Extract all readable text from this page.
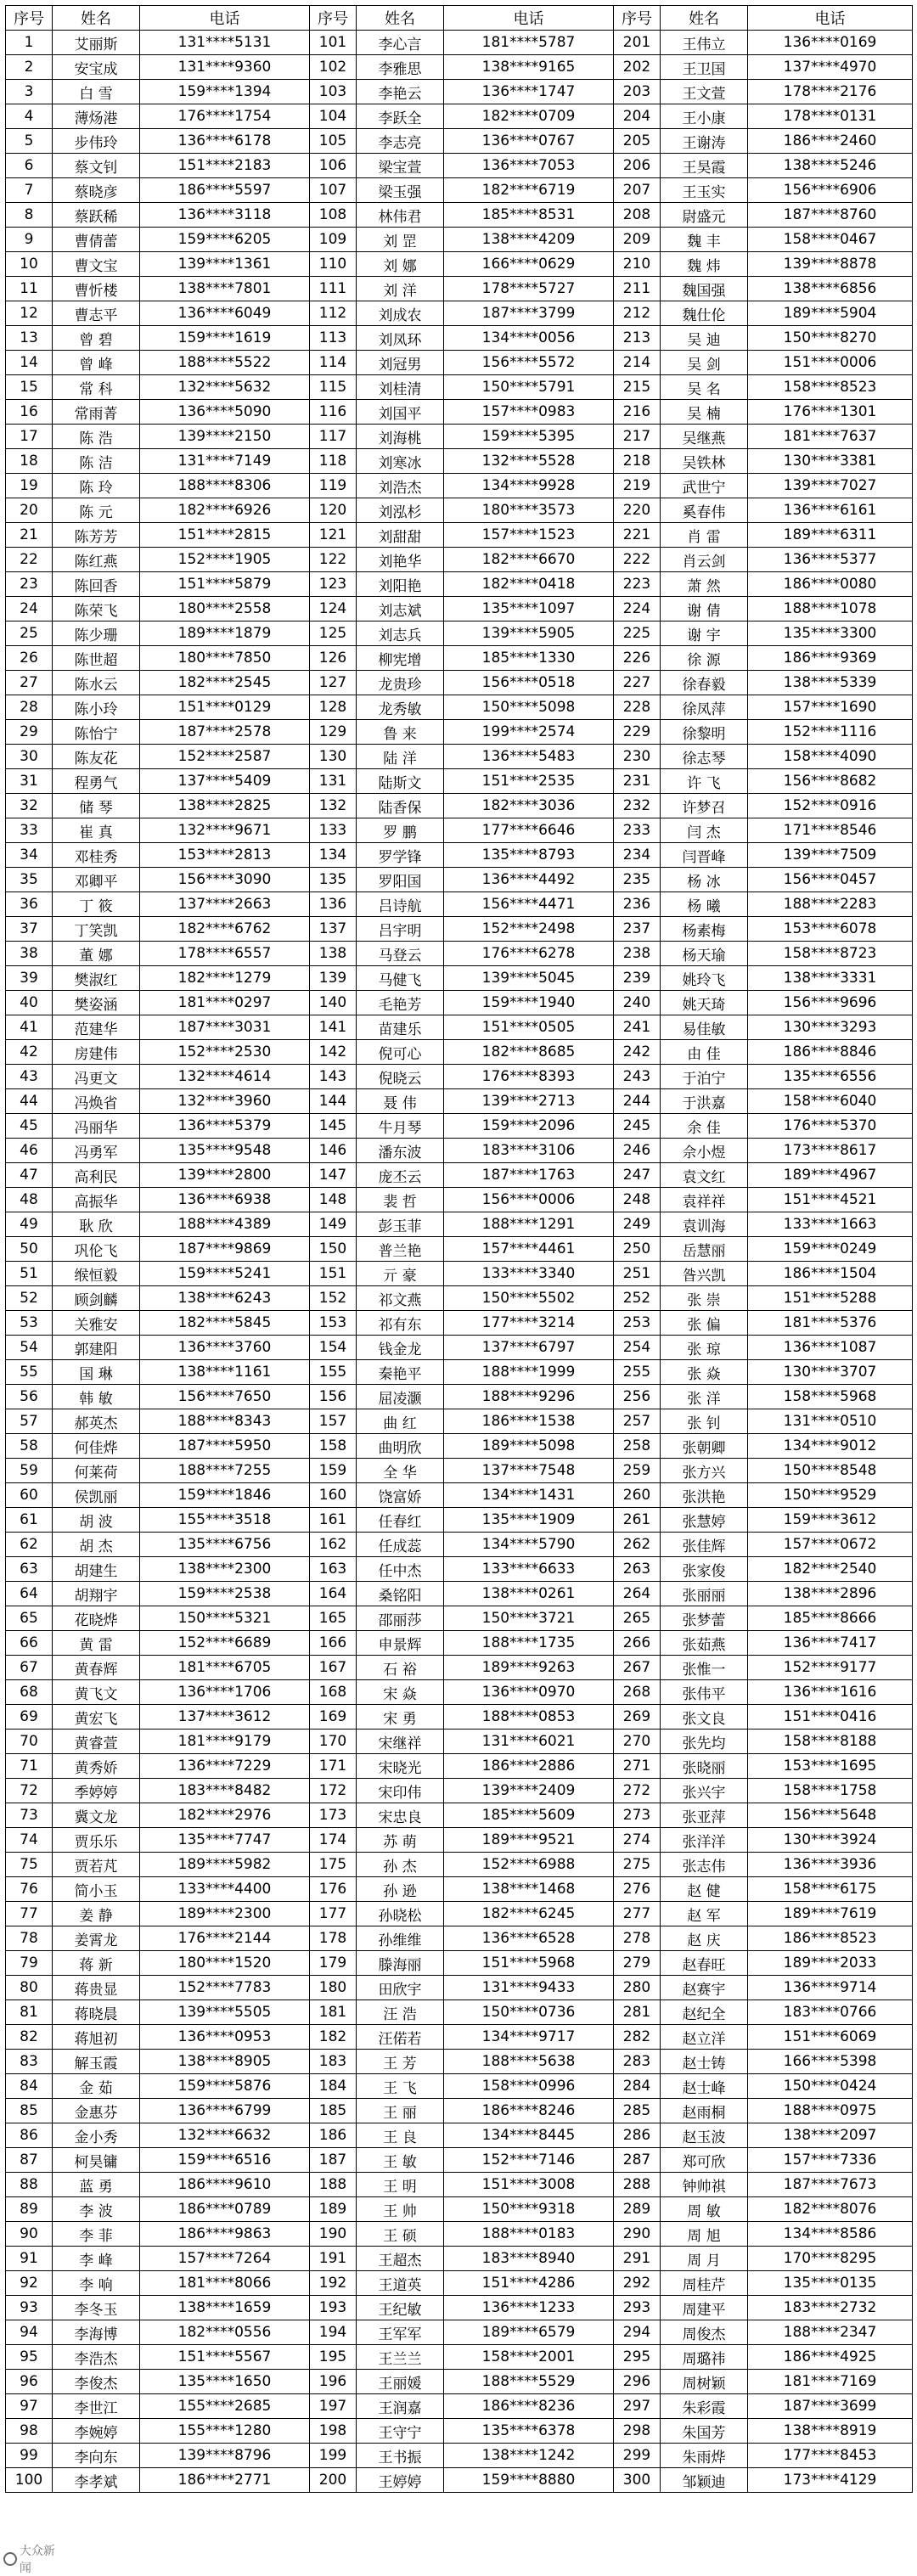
序号	姓名	电话	序号	姓名	电话	序号	姓名	电话
1	艾丽斯	131****5131	101	李心言	181****5787	201	王伟立	136****0169
2	安宝成	131****9360	102	李雅思	138****9165	202	王卫国	137****4970
3	白 雪	159****1394	103	李艳云	136****1747	203	王文萱	178****2176
4	薄炀港	176****1754	104	李跃全	182****0709	204	王小康	178****0131
5	步伟玲	136****6178	105	李志亮	136****0767	205	王谢涛	186****2460
6	蔡文钊	151****2183	106	梁宝萱	136****7053	206	王昊霞	138****5246
7	蔡晓彦	186****5597	107	梁玉强	182****6719	207	王玉实	156****6906
8	蔡跃稀	136****3118	108	林伟君	185****8531	208	尉盛元	187****8760
9	曹倩蕾	159****6205	109	刘 罡	138****4209	209	魏 丰	158****0467
10	曹文宝	139****1361	110	刘 娜	166****0629	210	魏 炜	139****8878
11	曹忻楼	138****7801	111	刘 洋	178****5727	211	魏国强	138****6856
12	曹志平	136****6049	112	刘成农	187****3799	212	魏仕伦	189****5904
13	曾 碧	159****1619	113	刘凤环	134****0056	213	吴 迪	150****8270
14	曾 峰	188****5522	114	刘冠男	156****5572	214	吴 剑	151****0006
15	常 科	132****5632	115	刘桂清	150****5791	215	吴 名	158****8523
16	常雨菁	136****5090	116	刘国平	157****0983	216	吴 楠	176****1301
17	陈 浩	139****2150	117	刘海桃	159****5395	217	吴继燕	181****7637
18	陈 洁	131****7149	118	刘寒冰	132****5528	218	吴铁林	130****3381
19	陈 玲	188****8306	119	刘浩杰	134****9928	219	武世宁	139****7027
20	陈 元	182****6926	120	刘泓杉	180****3573	220	奚春伟	136****6161
21	陈芳芳	151****2815	121	刘甜甜	157****1523	221	肖 雷	189****6311
22	陈红燕	152****1905	122	刘艳华	182****6670	222	肖云剑	136****5377
23	陈回香	151****5879	123	刘阳艳	182****0418	223	萧 然	186****0080
24	陈荣飞	180****2558	124	刘志斌	135****1097	224	谢 倩	188****1078
25	陈少珊	189****1879	125	刘志兵	139****5905	225	谢 宇	135****3300
26	陈世超	180****7850	126	柳宪增	185****1330	226	徐 源	186****9369
27	陈水云	182****2545	127	龙贵珍	156****0518	227	徐春毅	138****5339
28	陈小玲	151****0129	128	龙秀敏	150****5098	228	徐凤萍	157****1690
29	陈怡宁	187****2578	129	鲁 来	199****2574	229	徐黎明	152****1116
30	陈友花	152****2587	130	陆 洋	136****5483	230	徐志琴	158****4090
31	程勇气	137****5409	131	陆斯文	151****2535	231	许 飞	156****8682
32	储 琴	138****2825	132	陆香保	182****3036	232	许梦召	152****0916
33	崔 真	132****9671	133	罗 鹏	177****6646	233	闫 杰	171****8546
34	邓桂秀	153****2813	134	罗学锋	135****8793	234	闫晋峰	139****7509
35	邓卿平	156****3090	135	罗阳国	136****4492	235	杨 冰	156****0457
36	丁 筱	137****2663	136	吕诗航	156****4471	236	杨 曦	188****2283
37	丁笑凯	182****6762	137	吕宇明	152****2498	237	杨素梅	153****6078
38	董 娜	178****6557	138	马登云	176****6278	238	杨天瑜	158****8723
39	樊淑红	182****1279	139	马健飞	139****5045	239	姚玲飞	138****3331
40	樊姿涵	181****0297	140	毛艳芳	159****1940	240	姚天琦	156****9696
41	范建华	187****3031	141	苗建乐	151****0505	241	易佳敏	130****3293
42	房建伟	152****2530	142	倪可心	182****8685	242	由 佳	186****8846
43	冯更文	132****4614	143	倪晓云	176****8393	243	于泊宁	135****6556
44	冯焕省	132****3960	144	聂 伟	139****2713	244	于洪嘉	158****6040
45	冯丽华	136****5379	145	牛月琴	159****2096	245	余 佳	176****5370
46	冯勇军	135****9548	146	潘东波	183****3106	246	佘小煜	173****8617
47	高利民	139****2800	147	庞丕云	187****1763	247	袁文红	189****4967
48	高振华	136****6938	148	裴 哲	156****0006	248	袁祥祥	151****4521
49	耿 欣	188****4389	149	彭玉菲	188****1291	249	袁训海	133****1663
50	巩伦飞	187****9869	150	普兰艳	157****4461	250	岳慧丽	159****0249
51	缑恒毅	159****5241	151	亓 豪	133****3340	251	昝兴凯	186****1504
52	顾剑麟	138****6243	152	祁文燕	150****5502	252	张 崇	151****5288
53	关雅安	182****5845	153	祁有东	177****3214	253	张 偏	181****5376
54	郭建阳	136****3760	154	钱金龙	137****6797	254	张 琼	136****1087
55	国 琳	138****1161	155	秦艳平	188****1999	255	张 焱	130****3707
56	韩 敏	156****7650	156	屈凌灏	188****9296	256	张 洋	158****5968
57	郝英杰	188****8343	157	曲 红	186****1538	257	张 钊	131****0510
58	何佳烨	187****5950	158	曲明欣	189****5098	258	张朝卿	134****9012
59	何莱荷	188****7255	159	全 华	137****7548	259	张方兴	150****8548
60	侯凯丽	159****1846	160	饶富娇	134****1431	260	张洪艳	150****9529
61	胡 波	155****3518	161	任春红	135****1909	261	张慧婷	159****3612
62	胡 杰	135****6756	162	任成蕊	134****5790	262	张佳辉	157****0672
63	胡建生	138****2300	163	任中杰	133****6633	263	张家俊	182****2540
64	胡翔宇	159****2538	164	桑铭阳	138****0261	264	张丽丽	138****2896
65	花晓烨	150****5321	165	邵丽莎	150****3721	265	张梦蕾	185****8666
66	黄 雷	152****6689	166	申景辉	188****1735	266	张茹燕	136****7417
67	黄春辉	181****6705	167	石 裕	189****9263	267	张惟一	152****9177
68	黄飞文	136****1706	168	宋 焱	136****0970	268	张伟平	136****1616
69	黄宏飞	137****3612	169	宋 勇	188****0853	269	张文良	151****0416
70	黄睿萱	181****9179	170	宋继祥	131****6021	270	张先均	158****8188
71	黄秀娇	136****7229	171	宋晓光	186****2886	271	张晓丽	153****1695
72	季婷婷	183****8482	172	宋印伟	139****2409	272	张兴宇	158****1758
73	冀文龙	182****2976	173	宋忠良	185****5609	273	张亚萍	156****5648
74	贾乐乐	135****7747	174	苏 萌	189****9521	274	张洋洋	130****3924
75	贾若芃	189****5982	175	孙 杰	152****6988	275	张志伟	136****3936
76	简小玉	133****4400	176	孙 逊	138****1468	276	赵 健	158****6175
77	姜 静	189****2300	177	孙晓松	182****6245	277	赵 军	189****7619
78	姜霄龙	176****2144	178	孙维维	136****6528	278	赵 庆	186****8523
79	蒋 新	180****1520	179	滕海丽	151****5968	279	赵春旺	189****2033
80	蒋贵显	152****7783	180	田欣宇	131****9433	280	赵赛宇	136****9714
81	蒋晓晨	139****5505	181	汪 浩	150****0736	281	赵纪全	183****0766
82	蒋旭初	136****0953	182	汪偌若	134****9717	282	赵立洋	151****6069
83	解玉霞	138****8905	183	王 芳	188****5638	283	赵士铸	166****5398
84	金 茹	159****5876	184	王 飞	158****0996	284	赵士峰	150****0424
85	金惠芬	136****6799	185	王 丽	186****8246	285	赵雨桐	188****0975
86	金小秀	132****6632	186	王 良	134****8445	286	赵玉波	138****2097
87	柯昊镛	159****6516	187	王 敏	152****7146	287	郑可欣	157****7336
88	蓝 勇	186****9610	188	王 明	151****3008	288	钟帅祺	187****7673
89	李 波	186****0789	189	王 帅	150****9318	289	周 敏	182****8076
90	李 菲	186****9863	190	王 硕	188****0183	290	周 旭	134****8586
91	李 峰	157****7264	191	王超杰	183****8940	291	周 月	170****8295
92	李 响	181****8066	192	王道英	151****4286	292	周桂芹	135****0135
93	李冬玉	138****1659	193	王纪敏	136****1233	293	周建平	183****2732
94	李海博	182****0556	194	王军军	189****6579	294	周俊杰	188****2347
95	李浩杰	151****5567	195	王兰兰	158****2001	295	周璐祎	186****4925
96	李俊杰	135****1650	196	王丽媛	188****5529	296	周树颖	181****7169
97	李世江	155****2685	197	王润嘉	186****8236	297	朱彩霞	187****3699
98	李婉婷	155****1280	198	王守宁	135****6378	298	朱国芳	138****8919
99	李向东	139****8796	199	王书振	138****1242	299	朱雨烨	177****8453
100	李孝斌	186****2771	200	王婷婷	159****8880	300	邹颖迪	173****4129
大众新闻
